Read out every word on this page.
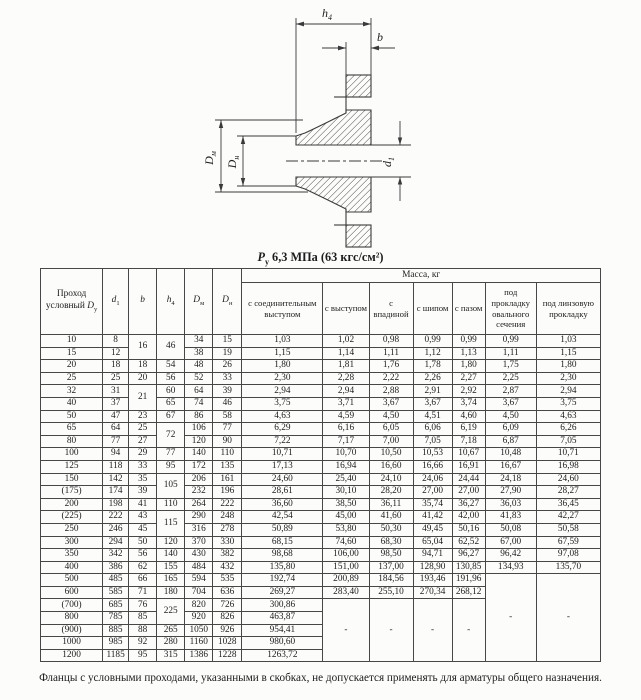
$h_4$
b
$D_м$
$D_н$
$d_1$
$P_у$ 6,3 МПа (63 кгс/см²)
Проход условный $D_у$	$d_1$	b	$h_4$	$D_м$	$D_н$	Масса, кг						
						с соединительным выступом	с выступом	с впадиной	с шипом	с пазом	под прокладку овального сечения	под линзовую прокладку
10	8	16	46	34	15	1,03	1,02	0,98	0,99	0,99	0,99	1,03
15	12			38	19	1,15	1,14	1,11	1,12	1,13	1,11	1,15
20	18	18	54	48	26	1,80	1,81	1,76	1,78	1,80	1,75	1,80
25	25	20	56	52	33	2,30	2,28	2,22	2,26	2,27	2,25	2,30
32	31	21	60	64	39	2,94	2,94	2,88	2,91	2,92	2,87	2,94
40	37		65	74	46	3,75	3,71	3,67	3,67	3,74	3,67	3,75
50	47	23	67	86	58	4,63	4,59	4,50	4,51	4,60	4,50	4,63
65	64	25	72	106	77	6,29	6,16	6,05	6,06	6,19	6,09	6,26
80	77	27		120	90	7,22	7,17	7,00	7,05	7,18	6,87	7,05
100	94	29	77	140	110	10,71	10,70	10,50	10,53	10,67	10,48	10,71
125	118	33	95	172	135	17,13	16,94	16,60	16,66	16,91	16,67	16,98
150	142	35	105	206	161	24,60	25,40	24,10	24,06	24,44	24,18	24,60
(175)	174	39		232	196	28,61	30,10	28,20	27,00	27,00	27,90	28,27
200	198	41	110	264	222	36,60	38,50	36,11	35,74	36,27	36,03	36,45
(225)	222	43	115	290	248	42,54	45,00	41,60	41,42	42,00	41,83	42,27
250	246	45		316	278	50,89	53,80	50,30	49,45	50,16	50,08	50,58
300	294	50	120	370	330	68,15	74,60	68,30	65,04	62,52	67,00	67,59
350	342	56	140	430	382	98,68	106,00	98,50	94,71	96,27	96,42	97,08
400	386	62	155	484	432	135,80	151,00	137,00	128,90	130,85	134,93	135,70
500	485	66	165	594	535	192,74	200,89	184,56	193,46	191,96	-	-
600	585	71	180	704	636	269,27	283,40	255,10	270,34	268,12		
(700)	685	76	225	820	726	300,86	-	-	-	-		
800	785	85		920	826	463,87						
(900)	885	88	265	1050	926	954,41						
1000	985	92	280	1160	1028	980,60						
1200	1185	95	315	1386	1228	1263,72						
Фланцы с условными проходами, указанными в скобках, не допускается применять для арматуры общего назначения.
